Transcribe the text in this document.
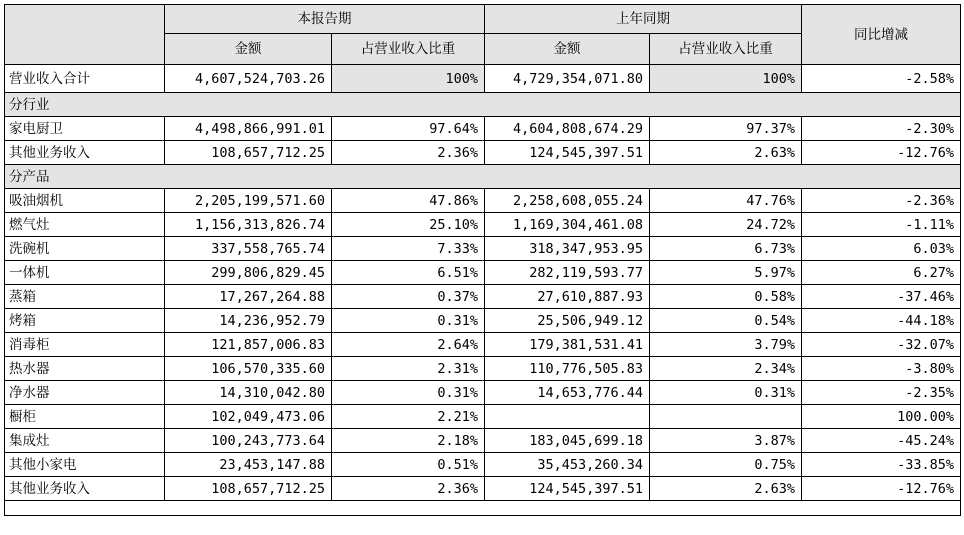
	本报告期		上年同期		同比增减
	金额	占营业收入比重	金额	占营业收入比重	
营业收入合计	4,607,524,703.26	100%	4,729,354,071.80	100%	-2.58%
分行业					
家电厨卫	4,498,866,991.01	97.64%	4,604,808,674.29	97.37%	-2.30%
其他业务收入	108,657,712.25	2.36%	124,545,397.51	2.63%	-12.76%
分产品					
吸油烟机	2,205,199,571.60	47.86%	2,258,608,055.24	47.76%	-2.36%
燃气灶	1,156,313,826.74	25.10%	1,169,304,461.08	24.72%	-1.11%
洗碗机	337,558,765.74	7.33%	318,347,953.95	6.73%	6.03%
一体机	299,806,829.45	6.51%	282,119,593.77	5.97%	6.27%
蒸箱	17,267,264.88	0.37%	27,610,887.93	0.58%	-37.46%
烤箱	14,236,952.79	0.31%	25,506,949.12	0.54%	-44.18%
消毒柜	121,857,006.83	2.64%	179,381,531.41	3.79%	-32.07%
热水器	106,570,335.60	2.31%	110,776,505.83	2.34%	-3.80%
净水器	14,310,042.80	0.31%	14,653,776.44	0.31%	-2.35%
橱柜	102,049,473.06	2.21%			100.00%
集成灶	100,243,773.64	2.18%	183,045,699.18	3.87%	-45.24%
其他小家电	23,453,147.88	0.51%	35,453,260.34	0.75%	-33.85%
其他业务收入	108,657,712.25	2.36%	124,545,397.51	2.63%	-12.76%
